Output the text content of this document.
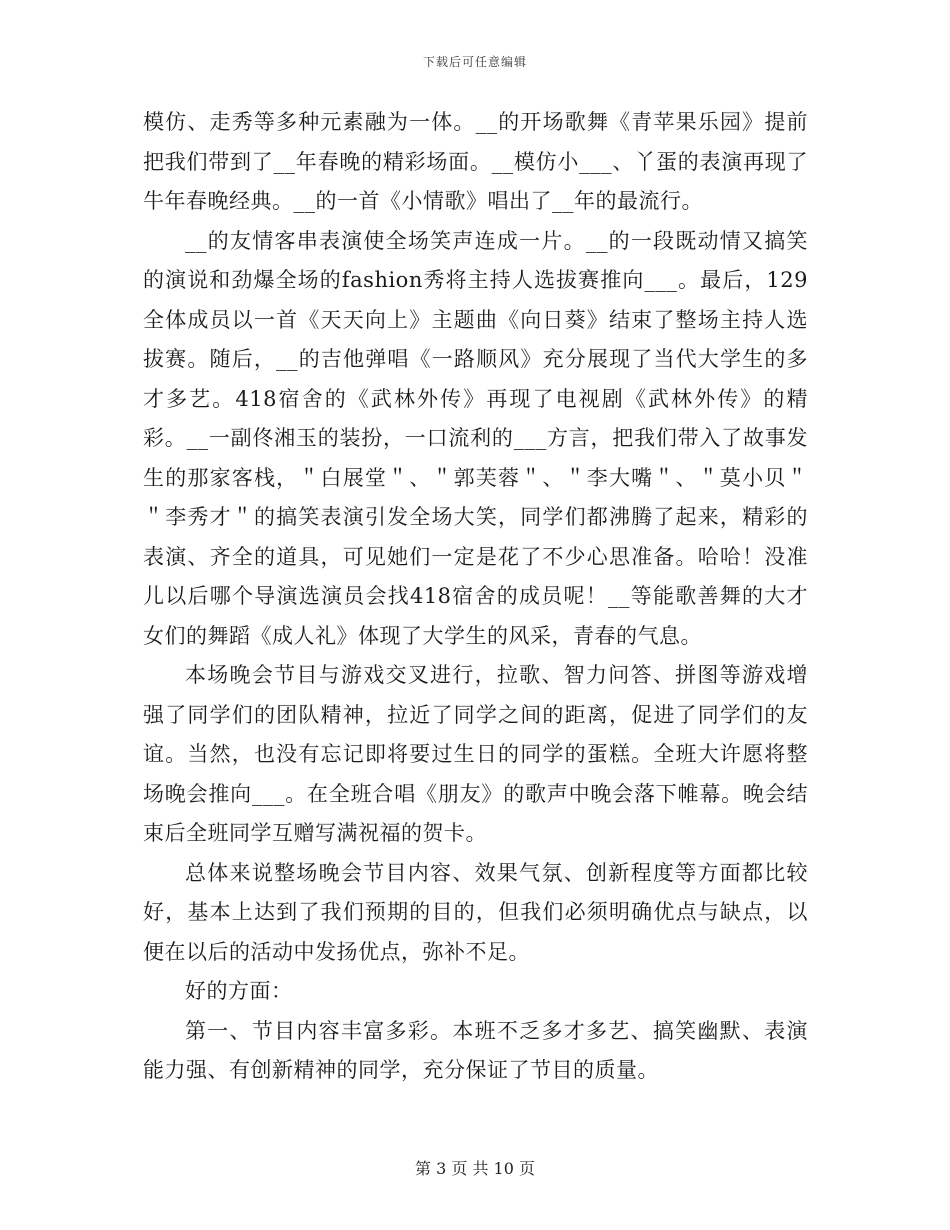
下载后可任意编辑

模仿、走秀等多种元素融为一体。__的开场歌舞《青苹果乐园》提前把我们带到了__年春晚的精彩场面。__模仿小___、丫蛋的表演再现了牛年春晚经典。__的一首《小情歌》唱出了__年的最流行。

__的友情客串表演使全场笑声连成一片。__的一段既动情又搞笑的演说和劲爆全场的fashion秀将主持人选拔赛推向___。最后，129全体成员以一首《天天向上》主题曲《向日葵》结束了整场主持人选拔赛。随后，__的吉他弹唱《一路顺风》充分展现了当代大学生的多才多艺。418宿舍的《武林外传》再现了电视剧《武林外传》的精彩。__一副佟湘玉的装扮，一口流利的___方言，把我们带入了故事发生的那家客栈，＂白展堂＂、＂郭芙蓉＂、＂李大嘴＂、＂莫小贝＂＂李秀才＂的搞笑表演引发全场大笑，同学们都沸腾了起来，精彩的表演、齐全的道具，可见她们一定是花了不少心思准备。哈哈！没准儿以后哪个导演选演员会找418宿舍的成员呢！__等能歌善舞的大才女们的舞蹈《成人礼》体现了大学生的风采，青春的气息。

本场晚会节目与游戏交叉进行，拉歌、智力问答、拼图等游戏增强了同学们的团队精神，拉近了同学之间的距离，促进了同学们的友谊。当然，也没有忘记即将要过生日的同学的蛋糕。全班大许愿将整场晚会推向___。在全班合唱《朋友》的歌声中晚会落下帷幕。晚会结束后全班同学互赠写满祝福的贺卡。

总体来说整场晚会节目内容、效果气氛、创新程度等方面都比较好，基本上达到了我们预期的目的，但我们必须明确优点与缺点，以便在以后的活动中发扬优点，弥补不足。

好的方面：

第一、节目内容丰富多彩。本班不乏多才多艺、搞笑幽默、表演能力强、有创新精神的同学，充分保证了节目的质量。

第 3 页 共 10 页
